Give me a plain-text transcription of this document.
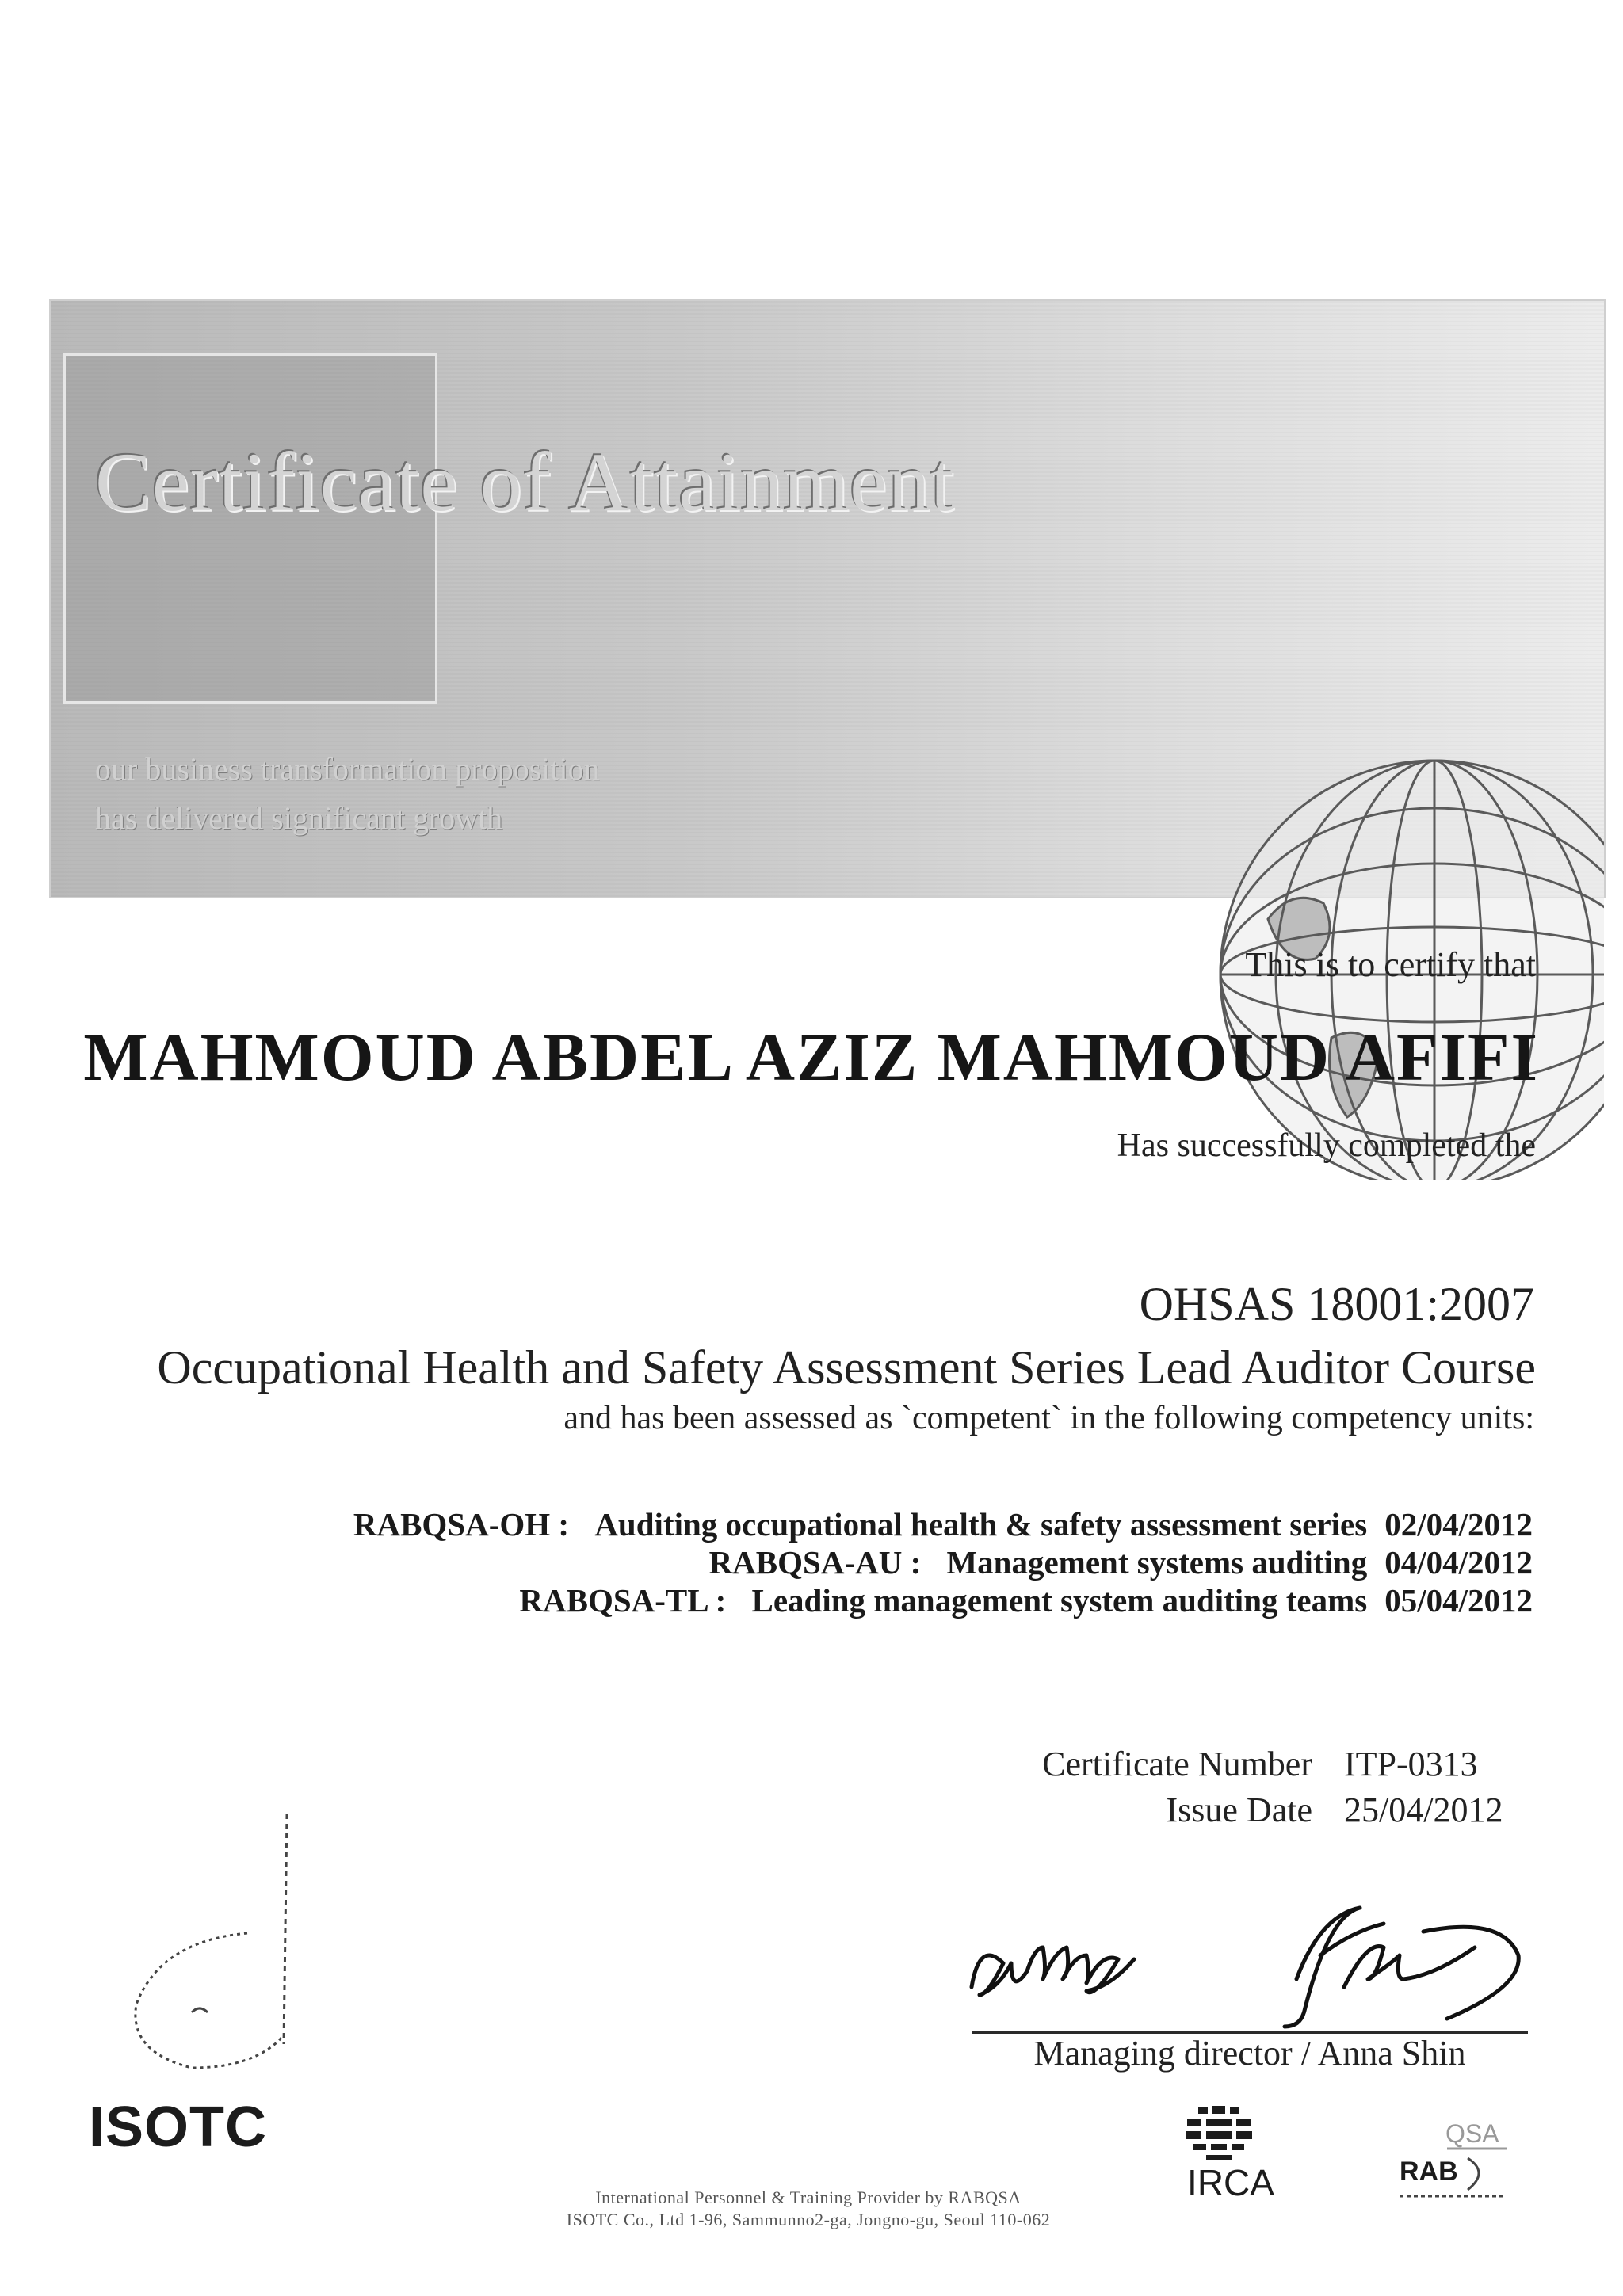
Certificate of Attainment
our business transformation proposition
has delivered significant growth
This is to certify that
MAHMOUD ABDEL AZIZ MAHMOUD AFIFI
Has successfully completed the
OHSAS 18001:2007
Occupational Health and Safety Assessment Series Lead Auditor Course
and has been assessed as `competent` in the following competency units:
RABQSA-OH : Auditing occupational health & safety assessment series 02/04/2012
RABQSA-AU : Management systems auditing 04/04/2012
RABQSA-TL : Leading management system auditing teams 05/04/2012
Certificate Number ITP-0313
Issue Date 25/04/2012
Managing director / Anna Shin
ISOTC
International Personnel & Training Provider by RABQSA
ISOTC Co., Ltd 1-96, Sammunno2-ga, Jongno-gu, Seoul 110-062
IRCA
QSA
RAB
